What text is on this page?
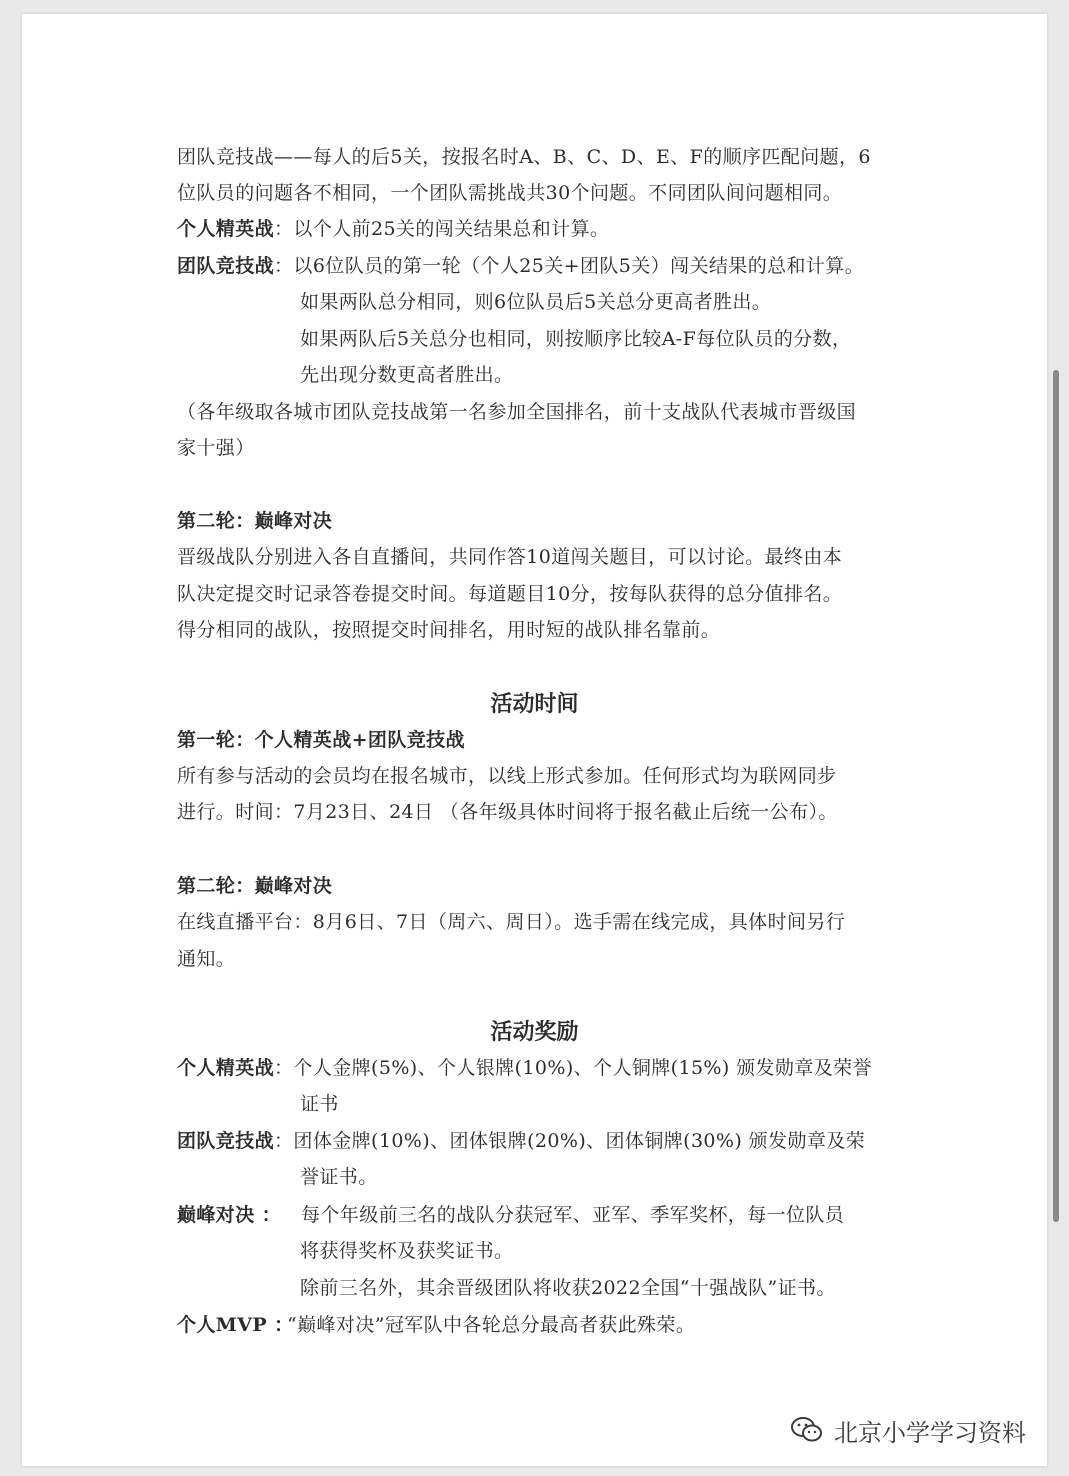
团队竞技战——每人的后5关，按报名时A、B、C、D、E、F的顺序匹配问题，6
位队员的问题各不相同，一个团队需挑战共30个问题。不同团队间问题相同。
个人精英战：以个人前25关的闯关结果总和计算。
团队竞技战：以6位队员的第一轮（个人25关+团队5关）闯关结果的总和计算。
如果两队总分相同，则6位队员后5关总分更高者胜出。
如果两队后5关总分也相同，则按顺序比较A-F每位队员的分数，
先出现分数更高者胜出。
（各年级取各城市团队竞技战第一名参加全国排名，前十支战队代表城市晋级国
家十强）
第二轮：巅峰对决
晋级战队分别进入各自直播间，共同作答10道闯关题目，可以讨论。最终由本
队决定提交时记录答卷提交时间。每道题目10分，按每队获得的总分值排名。
得分相同的战队，按照提交时间排名，用时短的战队排名靠前。
活动时间
第一轮：个人精英战+团队竞技战
所有参与活动的会员均在报名城市，以线上形式参加。任何形式均为联网同步
进行。时间：7月23日、24日 （各年级具体时间将于报名截止后统一公布）。
第二轮：巅峰对决
在线直播平台：8月6日、7日（周六、周日）。选手需在线完成，具体时间另行
通知。
活动奖励
个人精英战：个人金牌(5%)、个人银牌(10%)、个人铜牌(15%) 颁发勋章及荣誉
证书
团队竞技战：团体金牌(10%)、团体银牌(20%)、团体铜牌(30%) 颁发勋章及荣
誉证书。
巅峰对决 ： 每个年级前三名的战队分获冠军、亚军、季军奖杯，每一位队员
将获得奖杯及获奖证书。
除前三名外，其余晋级团队将收获2022全国“十强战队”证书。
个人MVP ：“巅峰对决”冠军队中各轮总分最高者获此殊荣。
北京小学学习资料
